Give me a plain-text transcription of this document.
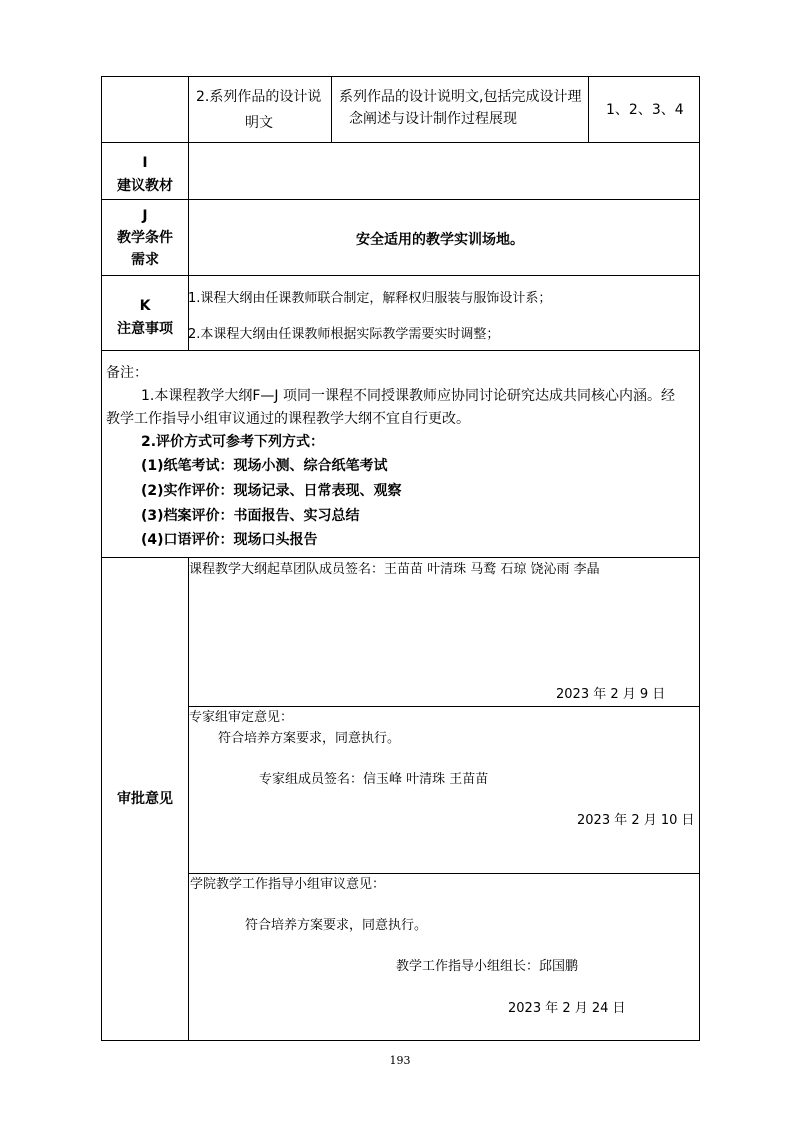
2.系列作品的设计说
明文
系列作品的设计说明文,包括完成设计理
念阐述与设计制作过程展现
1、2、3、4
I
建议教材
J
教学条件
需求
安全适用的教学实训场地。
K
注意事项
1.课程大纲由任课教师联合制定，解释权归服装与服饰设计系；
2.本课程大纲由任课教师根据实际教学需要实时调整；
备注：
1.本课程教学大纲F—J 项同一课程不同授课教师应协同讨论研究达成共同核心内涵。经
教学工作指导小组审议通过的课程教学大纲不宜自行更改。
2.评价方式可参考下列方式：
(1)纸笔考试：现场小测、综合纸笔考试
(2)实作评价：现场记录、日常表现、观察
(3)档案评价：书面报告、实习总结
(4)口语评价：现场口头报告
审批意见
课程教学大纲起草团队成员签名：王苗苗 叶清珠 马鹜 石琼 饶沁雨 李晶
2023 年 2 月 9 日
专家组审定意见：
符合培养方案要求，同意执行。
专家组成员签名：信玉峰 叶清珠 王苗苗
2023 年 2 月 10 日
学院教学工作指导小组审议意见：
符合培养方案要求，同意执行。
教学工作指导小组组长：邱国鹏
2023 年 2 月 24 日
193
